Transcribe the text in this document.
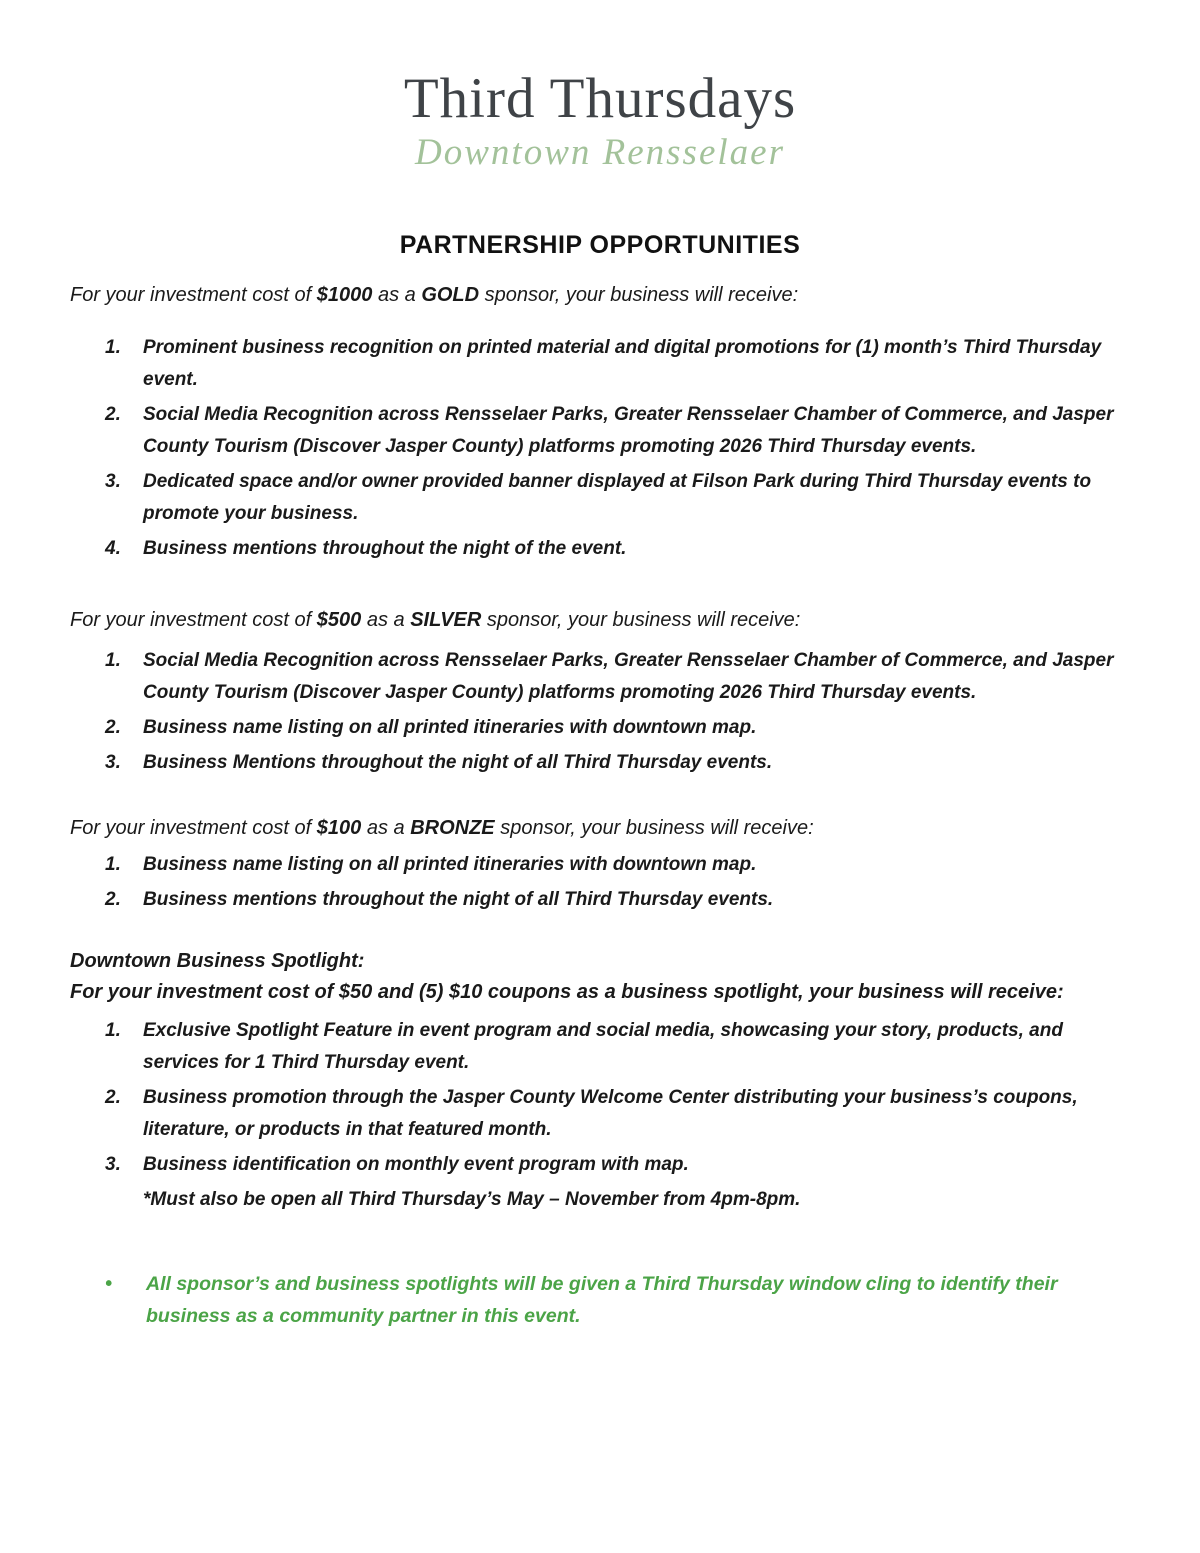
Third Thursdays
Downtown Rensselaer
PARTNERSHIP OPPORTUNITIES

For your investment cost of $1000 as a GOLD sponsor, your business will receive:

1.	Prominent business recognition on printed material and digital promotions for (1) month’s Third Thursday event.
2.	Social Media Recognition across Rensselaer Parks, Greater Rensselaer Chamber of Commerce, and Jasper County Tourism (Discover Jasper County) platforms promoting 2026 Third Thursday events.
3.	Dedicated space and/or owner provided banner displayed at Filson Park during Third Thursday events to promote your business.
4.	Business mentions throughout the night of the event.

For your investment cost of $500 as a SILVER sponsor, your business will receive:

1.	Social Media Recognition across Rensselaer Parks, Greater Rensselaer Chamber of Commerce, and Jasper County Tourism (Discover Jasper County) platforms promoting 2026 Third Thursday events.
2.	Business name listing on all printed itineraries with downtown map.
3.	Business Mentions throughout the night of all Third Thursday events.

For your investment cost of $100 as a BRONZE sponsor, your business will receive:

1.	Business name listing on all printed itineraries with downtown map.
2.	Business mentions throughout the night of all Third Thursday events.
Downtown Business Spotlight:

For your investment cost of $50 and (5) $10 coupons as a business spotlight, your business will receive:

1.	Exclusive Spotlight Feature in event program and social media, showcasing your story, products, and services for 1 Third Thursday event.
2.	Business promotion through the Jasper County Welcome Center distributing your business’s coupons, literature, or products in that featured month.
3.	Business identification on monthly event program with map.
*Must also be open all Third Thursday’s May – November from 4pm-8pm.
•	All sponsor’s and business spotlights will be given a Third Thursday window cling to identify their business as a community partner in this event.
